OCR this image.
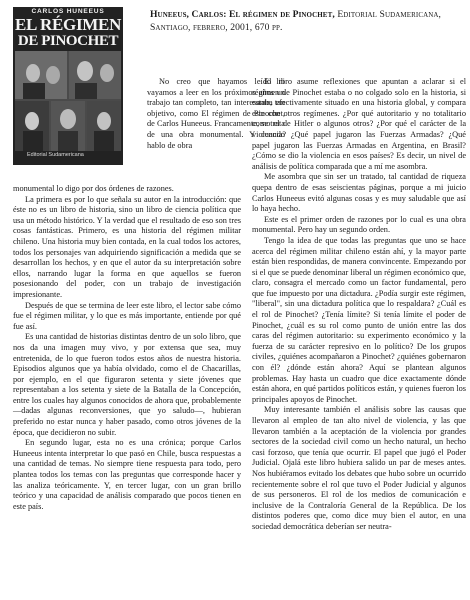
CARLOS HUNEEUS
EL RÉGIMEN
DE PINOCHET
Editorial Sudamericana
Huneeus, Carlos: El régimen de Pinochet, Editorial Sudamericana, Santiago, febrero, 2001, 670 pp.

No creo que hayamos leído ni vayamos a leer en los próximos años un trabajo tan completo, tan interesante, tan objetivo, como El régimen de Pinochet, de Carlos Huneeus. Francamente, se trata de una obra monumental. Y cuando hablo de obra

monumental lo digo por dos órdenes de razones.

La primera es por lo que señala su autor en la introducción: que éste no es un libro de historia, sino un libro de ciencia política que usa un método histórico. Y la verdad que el resultado de eso son tres cosas fantásticas. Primero, es una historia del régimen militar chileno. Una historia muy bien contada, en la cual todos los actores, todos los personajes van adquiriendo significación a medida que se desarrollan los hechos, y en que el autor da su interpretación sobre ellos, narrando lugar la forma en que aquellos se fueron posesionando del poder, con un trabajo de investigación impresionante.

Después de que se termina de leer este libro, el lector sabe cómo fue el régimen militar, y lo que es más importante, entiende por qué fue así.

Es una cantidad de historias distintas dentro de un solo libro, que nos da una imagen muy vivo, y por extensa que sea, muy entretenida, de lo que fueron todos estos años de nuestra historia. Episodios algunos que ya había olvidado, como el de Chacarillas, por ejemplo, en el que figuraron setenta y siete jóvenes que representaban a los setenta y siete de la Batalla de la Concepción, entre los cuales hay algunos conocidos de ahora que, probablemente —dadas algunas reconversiones, que yo saludo—, hubieran preferido no estar nunca y haber pasado, como otros jóvenes de la época, que decidieron no subir.

En segundo lugar, esta no es una crónica; porque Carlos Huneeus intenta interpretar lo que pasó en Chile, busca respuestas a una cantidad de temas. No siempre tiene respuesta para todo, pero plantea todos los temas con las preguntas que corresponde hacer y las analiza teóricamente. Y, en tercer lugar, con un gran brillo teórico y una capacidad de análisis comparado que pocos tienen en este país.

El libro asume reflexiones que apuntan a aclarar si el régimen de Pinochet estaba o no colgado solo en la historia, si estaba efectivamente situado en una historia global, y compara este con otros regímenes. ¿Por qué autoritario y no totalitario como el de Hitler o algunos otros? ¿Por qué el carácter de la violencia? ¿Qué papel jugaron las Fuerzas Armadas? ¿Qué papel jugaron las Fuerzas Armadas en Argentina, en Brasil? ¿Cómo se dio la violencia en esos países? Es decir, un nivel de análisis de política comparada que a mí me asombra.

Me asombra que sin ser un tratado, tal cantidad de riqueza quepa dentro de esas seiscientas páginas, porque a mi juicio Carlos Huneeus evitó algunas cosas y es muy saludable que así lo haya hecho.

Este es el primer orden de razones por lo cual es una obra monumental. Pero hay un segundo orden.

Tengo la idea de que todas las preguntas que uno se hace acerca del régimen militar chileno están ahí, y la mayor parte están bien respondidas, de manera convincente. Empezando por si el que se puede denominar liberal un régimen económico que, claro, consagra el mercado como un factor fundamental, pero que fue impuesto por una dictadura. ¿Podía surgir este régimen, "liberal", sin una dictadura política que lo respaldara? ¿Cuál es el rol de Pinochet? ¿Tenía límite? Si tenía límite el poder de Pinochet, ¿cuál es su rol como punto de unión entre las dos caras del régimen autoritario: su experimento económico y la fuerza de su carácter represivo en lo político? De los grupos civiles, ¿quiénes acompañaron a Pinochet? ¿quiénes gobernaron con él? ¿dónde están ahora? Aquí se plantean algunos problemas. Hay hasta un cuadro que dice exactamente dónde están ahora, en qué partidos políticos están, y quienes fueron los principales apoyos de Pinochet.

Muy interesante también el análisis sobre las causas que llevaron al empleo de tan alto nivel de violencia, y las que llevaron también a la aceptación de la violencia por grandes sectores de la sociedad civil como un hecho natural, un hecho casi forzoso, que tenía que ocurrir. El papel que jugó el Poder Judicial. Ojalá este libro hubiera salido un par de meses antes. Nos hubiéramos evitado los debates que hubo sobre un ocurrido recientemente sobre el rol que tuvo el Poder Judicial y algunos de sus personeros. El rol de los medios de comunicación e inclusive de la Contraloría General de la República. De los distintos poderes que, como dice muy bien el autor, en una sociedad democrática deberían ser neutra-
